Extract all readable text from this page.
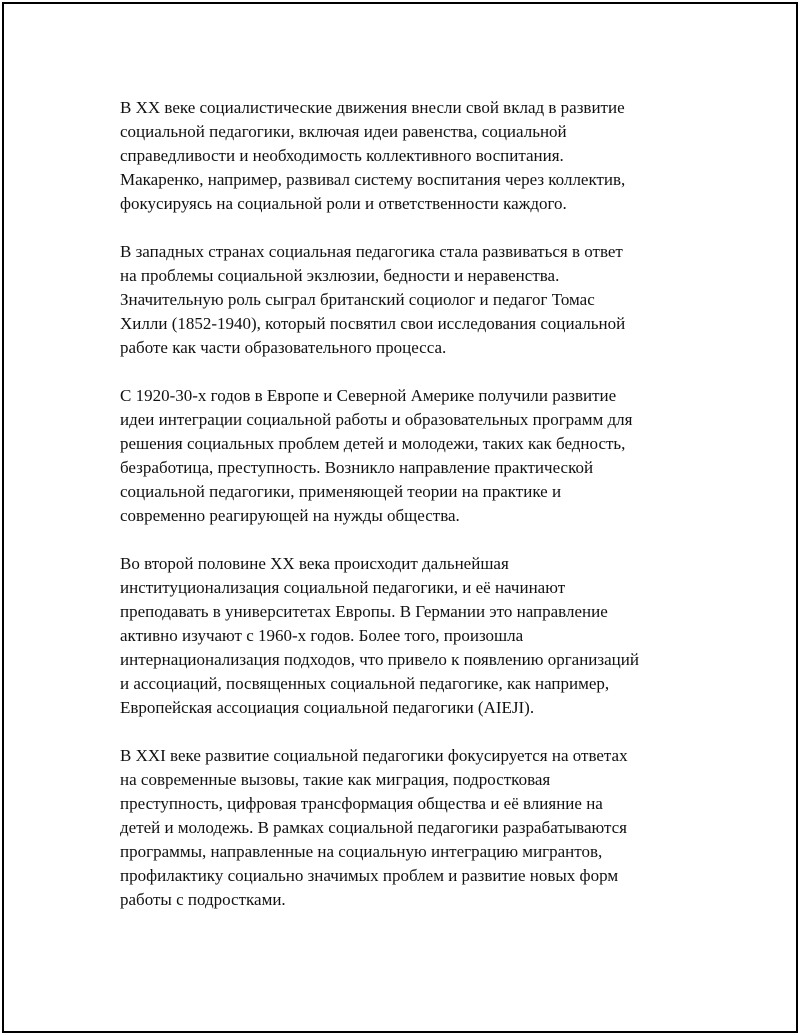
В XX веке социалистические движения внесли свой вклад в развитие
социальной педагогики, включая идеи равенства, социальной
справедливости и необходимость коллективного воспитания.
Макаренко, например, развивал систему воспитания через коллектив,
фокусируясь на социальной роли и ответственности каждого.

В западных странах социальная педагогика стала развиваться в ответ
на проблемы социальной экзлюзии, бедности и неравенства.
Значительную роль сыграл британский социолог и педагог Томас
Хилли (1852-1940), который посвятил свои исследования социальной
работе как части образовательного процесса.

С 1920-30-х годов в Европе и Северной Америке получили развитие
идеи интеграции социальной работы и образовательных программ для
решения социальных проблем детей и молодежи, таких как бедность,
безработица, преступность. Возникло направление практической
социальной педагогики, применяющей теории на практике и
современно реагирующей на нужды общества.

Во второй половине XX века происходит дальнейшая
институционализация социальной педагогики, и её начинают
преподавать в университетах Европы. В Германии это направление
активно изучают с 1960-х годов. Более того, произошла
интернационализация подходов, что привело к появлению организаций
и ассоциаций, посвященных социальной педагогике, как например,
Европейская ассоциация социальной педагогики (AIEJI).

В XXI веке развитие социальной педагогики фокусируется на ответах
на современные вызовы, такие как миграция, подростковая
преступность, цифровая трансформация общества и её влияние на
детей и молодежь. В рамках социальной педагогики разрабатываются
программы, направленные на социальную интеграцию мигрантов,
профилактику социально значимых проблем и развитие новых форм
работы с подростками.
